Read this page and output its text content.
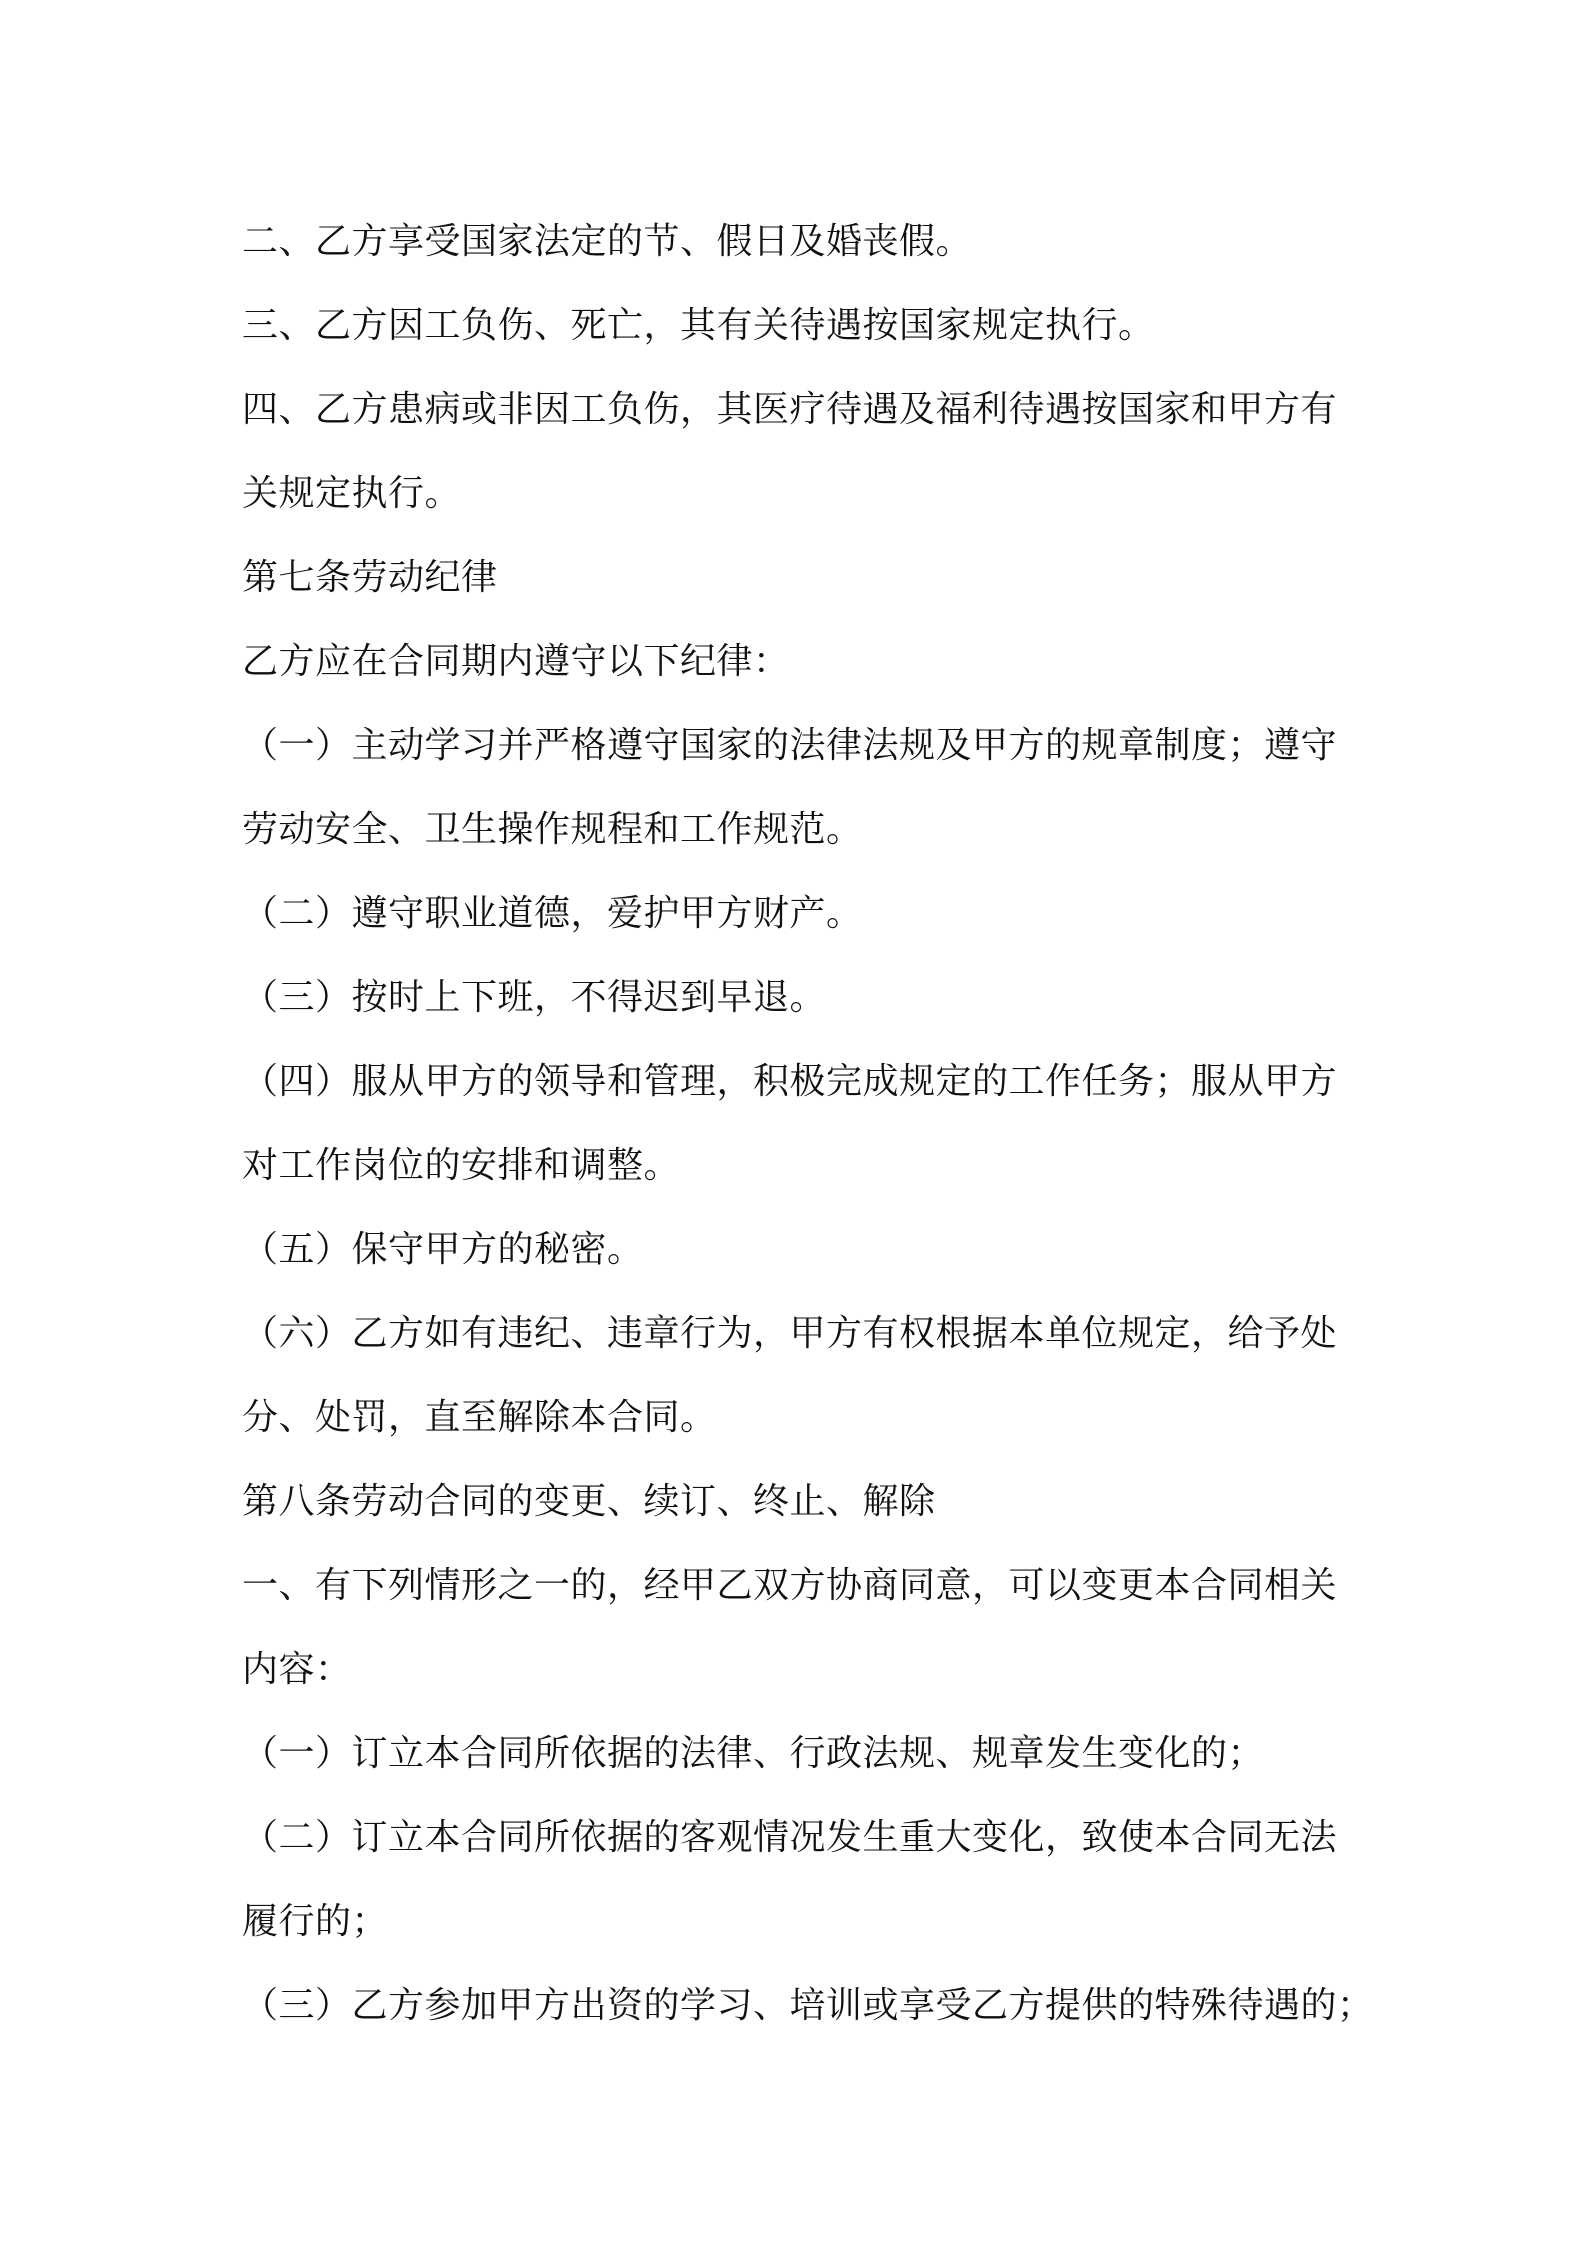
二、乙方享受国家法定的节、假日及婚丧假。
三、乙方因工负伤、死亡，其有关待遇按国家规定执行。
四、乙方患病或非因工负伤，其医疗待遇及福利待遇按国家和甲方有
关规定执行。
第七条劳动纪律
乙方应在合同期内遵守以下纪律：
（一）主动学习并严格遵守国家的法律法规及甲方的规章制度；遵守
劳动安全、卫生操作规程和工作规范。
（二）遵守职业道德，爱护甲方财产。
（三）按时上下班，不得迟到早退。
（四）服从甲方的领导和管理，积极完成规定的工作任务；服从甲方
对工作岗位的安排和调整。
（五）保守甲方的秘密。
（六）乙方如有违纪、违章行为，甲方有权根据本单位规定，给予处
分、处罚，直至解除本合同。
第八条劳动合同的变更、续订、终止、解除
一、有下列情形之一的，经甲乙双方协商同意，可以变更本合同相关
内容：
（一）订立本合同所依据的法律、行政法规、规章发生变化的；
（二）订立本合同所依据的客观情况发生重大变化，致使本合同无法
履行的；
（三）乙方参加甲方出资的学习、培训或享受乙方提供的特殊待遇的；
